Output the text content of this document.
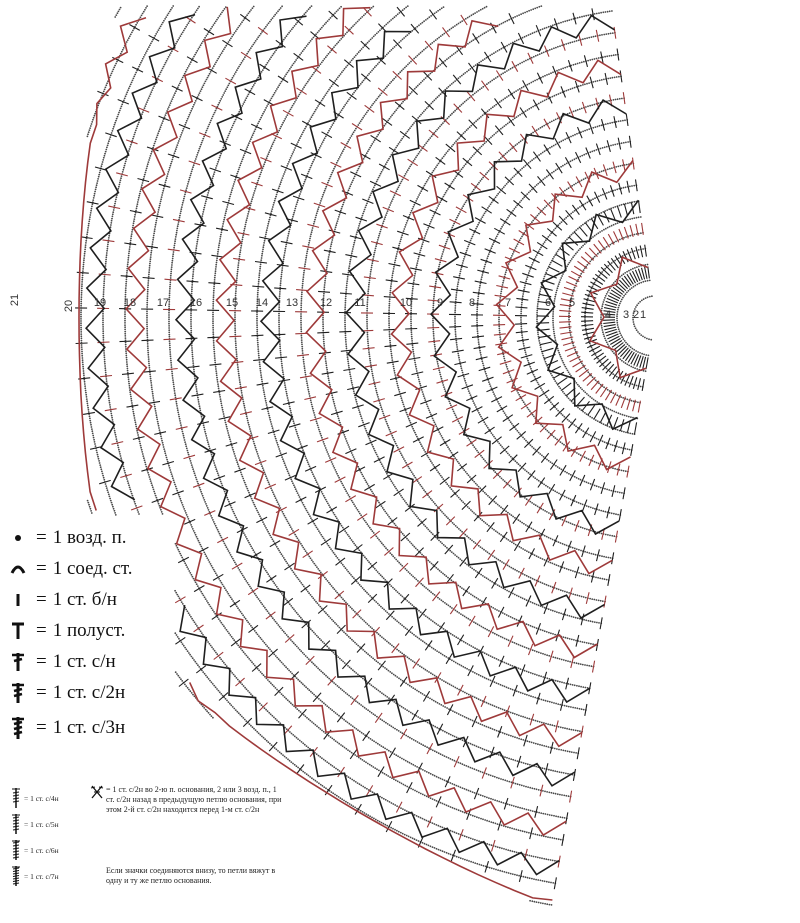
1
2
3
4
5
6
7
8
9
10
11
12
13
14
15
16
17
18
19
20
21
= 1 возд. п.
= 1 соед. ст.
= 1 ст. б/н
= 1 полуст.
= 1 ст. с/н
= 1 ст. с/2н
= 1 ст. с/3н
= 1 ст. с/4н
= 1 ст. с/5н
= 1 ст. с/6н
= 1 ст. с/7н
= 1 ст. с/2н во 2-ю п. основания, 2 или 3 возд. п., 1 ст. с/2н назад в предыдущую петлю основания, при этом 2-й ст. с/2н находится перед 1-м ст. с/2н
Если значки соединяются внизу, то петли вяжут в одну и ту же петлю основания.
